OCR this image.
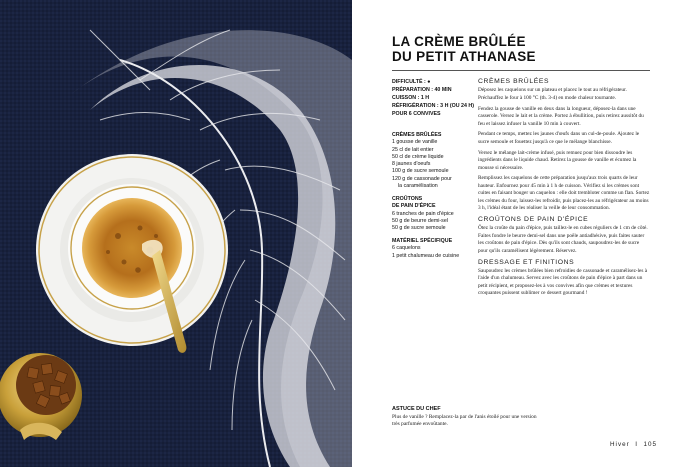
LA CRÈME BRÛLÉE
DU PETIT ATHANASE
DIFFICULTÉ : ●
PRÉPARATION : 40 MIN
CUISSON : 1 H
RÉFRIGÉRATION : 3 H (OU 24 H)
POUR 6 CONVIVES
CRÈMES BRÛLÉES
1 gousse de vanille
25 cl de lait entier
50 cl de crème liquide
8 jaunes d'oeufs
100 g de sucre semoule
120 g de cassonade pour
la caramélisation
CROÛTONS
DE PAIN D'ÉPICE
6 tranches de pain d'épice
50 g de beurre demi-sel
50 g de sucre semoule
MATÉRIEL SPÉCIFIQUE
6 caquelons
1 petit chalumeau de cuisine
CRÈMES BRÛLÉES

Déposez les caquelons sur un plateau et placez le tout au réfrigérateur. Préchauffez le four à 100 °C (th. 3-4) en mode chaleur tournante.

Fendez la gousse de vanille en deux dans la longueur, déposez-la dans une casserole. Versez le lait et la crème. Portez à ébullition, puis retirez aussitôt du feu et laissez infuser la vanille 10 min à couvert.

Pendant ce temps, mettez les jaunes d'œufs dans un cul-de-poule. Ajoutez le sucre semoule et fouettez jusqu'à ce que le mélange blanchisse.

Versez le mélange lait-crème infusé, puis remuez pour bien dissoudre les ingrédients dans le liquide chaud. Retirez la gousse de vanille et écumez la mousse si nécessaire.

Remplissez les caquelons de cette préparation jusqu'aux trois quarts de leur hauteur. Enfournez pour 45 min à 1 h de cuisson. Vérifiez si les crèmes sont cuites en faisant bouger un caquelon : elle doit trembloter comme un flan. Sortez les crèmes du four, laissez-les refroidir, puis placez-les au réfrigérateur au moins 3 h, l'idéal étant de les réaliser la veille de leur consommation.

CROÛTONS DE PAIN D'ÉPICE

Ôtez la croûte du pain d'épice, puis taillez-le en cubes réguliers de 1 cm de côté. Faites fondre le beurre demi-sel dans une poêle antiadhésive, puis faites sauter les croûtons de pain d'épice. Dès qu'ils sont chauds, saupoudrez-les de sucre pour qu'ils caramélisent légèrement. Réservez.

DRESSAGE ET FINITIONS

Saupoudrez les crèmes brûlées bien refroidies de cassonade et caramélisez-les à l'aide d'un chalumeau. Servez avec les croûtons de pain d'épice à part dans un petit récipient, et proposez-les à vos convives afin que crèmes et textures croquantes puissent sublimer ce dessert gourmand !

ASTUCE DU CHEF
Plus de vanille ? Remplacez-la par de l'anis étoilé pour une version très parfumée envoûtante.
Hiver I 105
